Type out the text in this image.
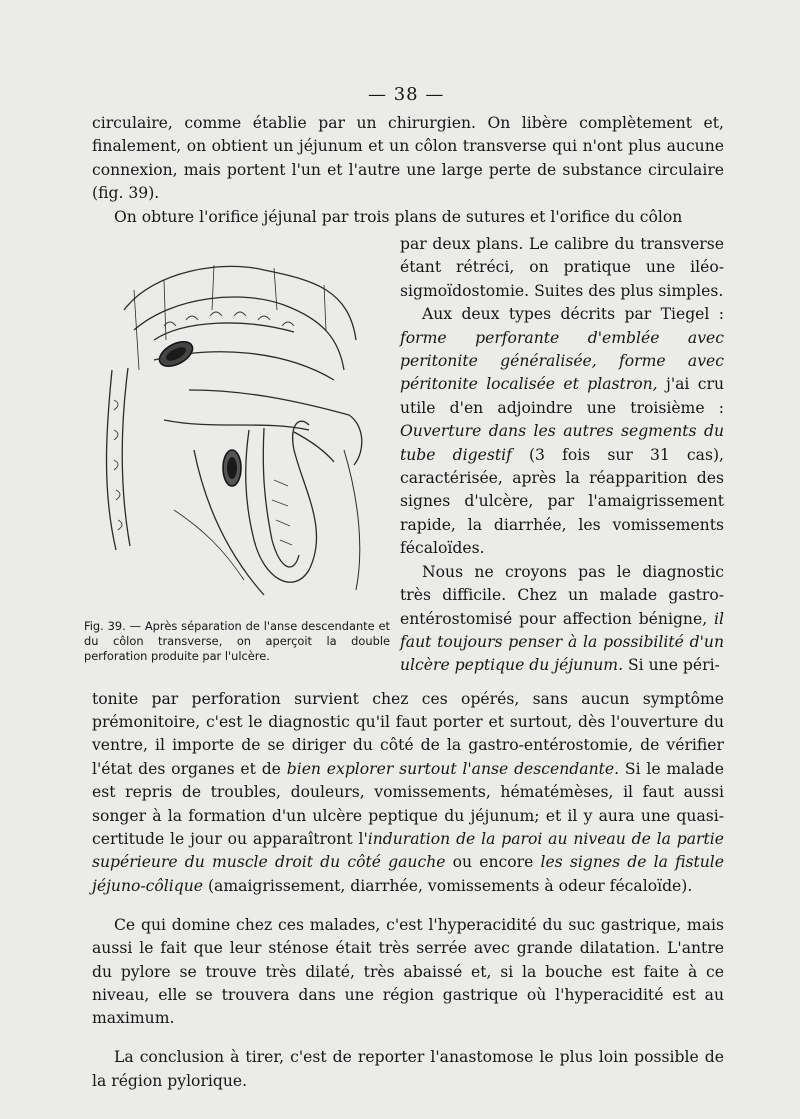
— 38 —

circulaire, comme établie par un chirurgien. On libère complètement et, finalement, on obtient un jéjunum et un côlon transverse qui n'ont plus aucune connexion, mais portent l'un et l'autre une large perte de substance circulaire (fig. 39).

On obture l'orifice jéjunal par trois plans de sutures et l'orifice du côlon

par deux plans. Le calibre du transverse étant rétréci, on pratique une iléo-sigmoïdostomie. Suites des plus simples.

Aux deux types décrits par Tiegel : forme perforante d'emblée avec peritonite généralisée, forme avec péritonite localisée et plastron, j'ai cru utile d'en adjoindre une troisième : Ouverture dans les autres segments du tube digestif (3 fois sur 31 cas), caractérisée, après la réapparition des signes d'ulcère, par l'amaigrissement rapide, la diarrhée, les vomissements fécaloïdes.

Nous ne croyons pas le diagnostic très difficile. Chez un malade gastro-entérostomisé pour affection bénigne, il faut toujours penser à la possibilité d'un ulcère peptique du jéjunum. Si une péri-

Fig. 39. — Après séparation de l'anse descendante et du côlon transverse, on aperçoit la double perforation produite par l'ulcère.

tonite par perforation survient chez ces opérés, sans aucun symptôme prémonitoire, c'est le diagnostic qu'il faut porter et surtout, dès l'ouverture du ventre, il importe de se diriger du côté de la gastro-entérostomie, de vérifier l'état des organes et de bien explorer surtout l'anse descendante. Si le malade est repris de troubles, douleurs, vomissements, hématémèses, il faut aussi songer à la formation d'un ulcère peptique du jéjunum; et il y aura une quasi-certitude le jour ou apparaîtront l'induration de la paroi au niveau de la partie supérieure du muscle droit du côté gauche ou encore les signes de la fistule jéjuno-côlique (amaigrissement, diarrhée, vomissements à odeur fécaloïde).

Ce qui domine chez ces malades, c'est l'hyperacidité du suc gastrique, mais aussi le fait que leur sténose était très serrée avec grande dilatation. L'antre du pylore se trouve très dilaté, très abaissé et, si la bouche est faite à ce niveau, elle se trouvera dans une région gastrique où l'hyperacidité est au maximum.

La conclusion à tirer, c'est de reporter l'anastomose le plus loin possible de la région pylorique.
